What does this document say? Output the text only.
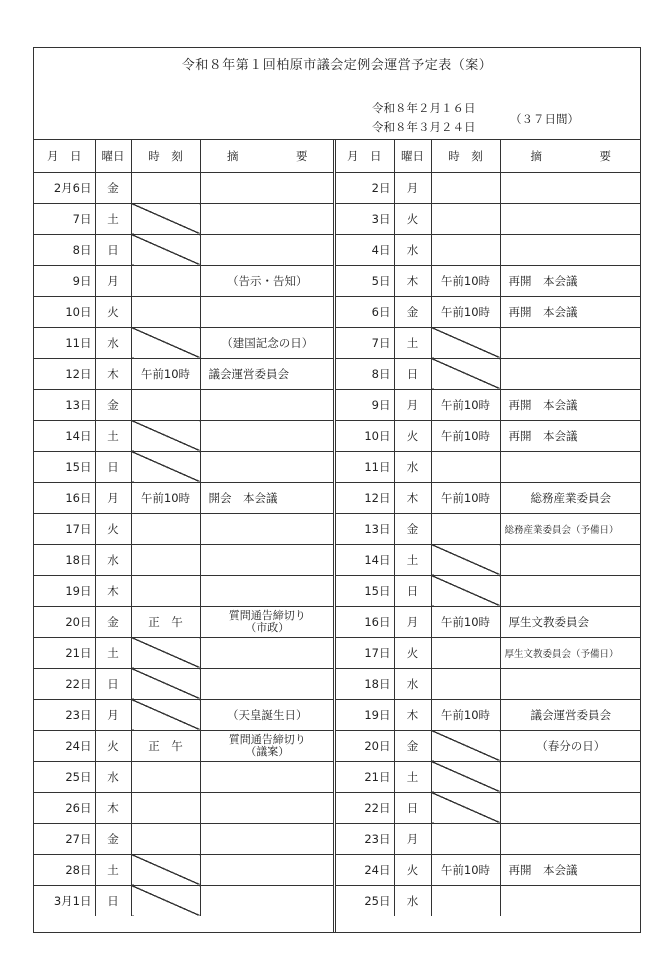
令和８年第１回柏原市議会定例会運営予定表（案）
令和８年２月１６日
令和８年３月２４日
（３７日間）
月　日	曜日	時　刻	摘　　　　　要
2月6日	金		
7日	土		
8日	日		
9日	月		（告示・告知）
10日	火		
11日	水		（建国記念の日）
12日	木	午前10時	議会運営委員会
13日	金		
14日	土		
15日	日		
16日	月	午前10時	開会　本会議
17日	火		
18日	水		
19日	木		
20日	金	正　午	質問通告締切り
（市政）

21日	土		
22日	日		
23日	月		（天皇誕生日）
24日	火	正　午	質問通告締切り
（議案）

25日	水		
26日	木		
27日	金		
28日	土		
3月1日	日		
月　日	曜日	時　刻	摘　　　　　要
2日	月		
3日	火		
4日	水		
5日	木	午前10時	再開　本会議
6日	金	午前10時	再開　本会議
7日	土		
8日	日		
9日	月	午前10時	再開　本会議
10日	火	午前10時	再開　本会議
11日	水		
12日	木	午前10時	総務産業委員会
13日	金		総務産業委員会（予備日）
14日	土		
15日	日		
16日	月	午前10時	厚生文教委員会
17日	火		厚生文教委員会（予備日）
18日	水		
19日	木	午前10時	議会運営委員会
20日	金		（春分の日）
21日	土		
22日	日		
23日	月		
24日	火	午前10時	再開　本会議
25日	水		
